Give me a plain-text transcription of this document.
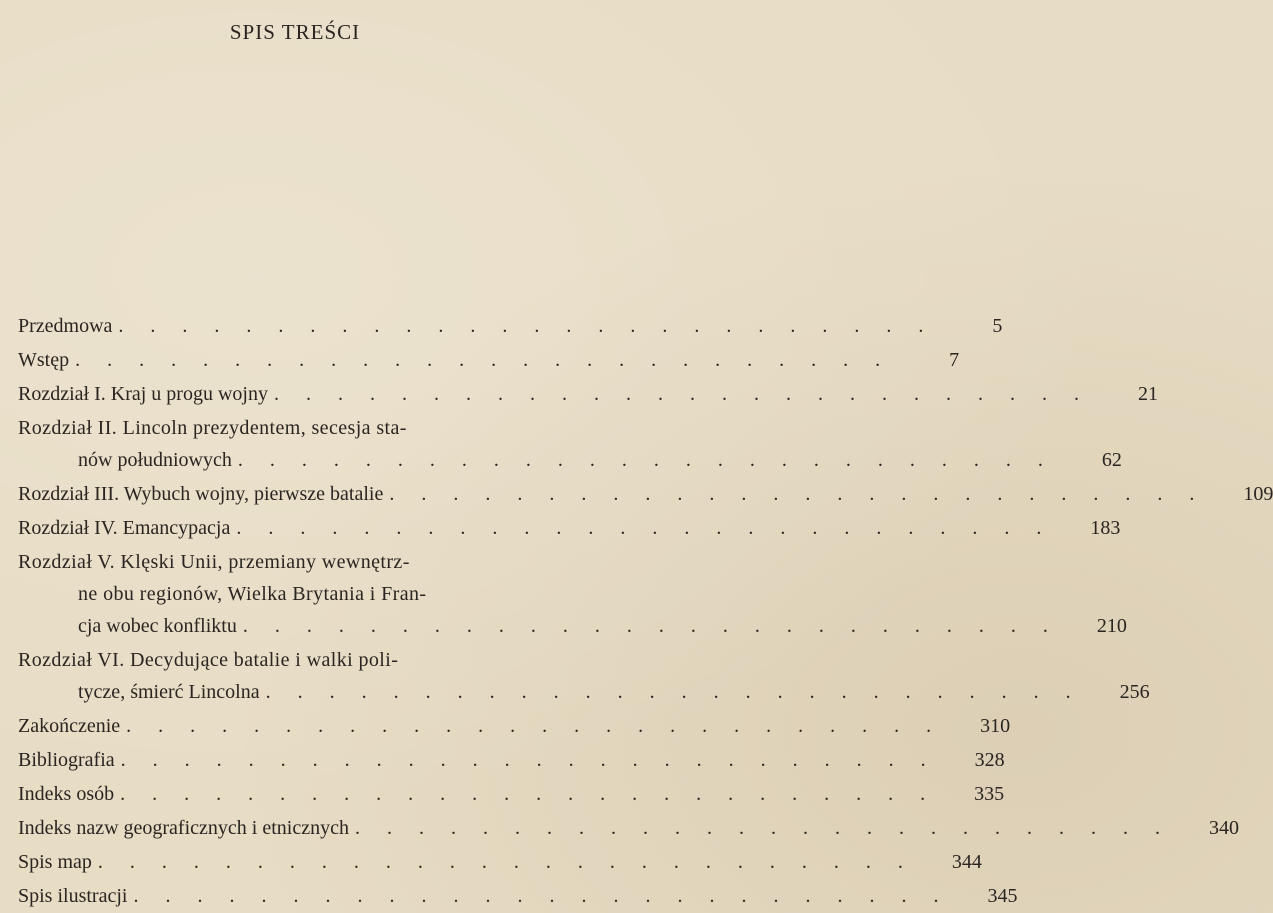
SPIS TREŚCI
Przedmowa . . . . . . . . . . . . . . . . . . . . . . . . . .	5
Wstęp . . . . . . . . . . . . . . . . . . . . . . . . . .	7
Rozdział I. Kraj u progu wojny . . . . . . . . . . . . . . . . . . . . . . . . . .	21
Rozdział II. Lincoln prezydentem, secesja sta-
nów południowych . . . . . . . . . . . . . . . . . . . . . . . . . .	62
Rozdział III. Wybuch wojny, pierwsze batalie . . . . . . . . . . . . . . . . . . . . . . . . . .	109
Rozdział IV. Emancypacja . . . . . . . . . . . . . . . . . . . . . . . . . .	183
Rozdział V. Klęski Unii, przemiany wewnętrz-
ne obu regionów, Wielka Brytania i Fran-
cja wobec konfliktu . . . . . . . . . . . . . . . . . . . . . . . . . .	210
Rozdział VI. Decydujące batalie i walki poli-
tycze, śmierć Lincolna . . . . . . . . . . . . . . . . . . . . . . . . . .	256
Zakończenie . . . . . . . . . . . . . . . . . . . . . . . . . .	310
Bibliografia . . . . . . . . . . . . . . . . . . . . . . . . . .	328
Indeks osób . . . . . . . . . . . . . . . . . . . . . . . . . .	335
Indeks nazw geograficznych i etnicznych . . . . . . . . . . . . . . . . . . . . . . . . . .	340
Spis map . . . . . . . . . . . . . . . . . . . . . . . . . .	344
Spis ilustracji . . . . . . . . . . . . . . . . . . . . . . . . . .	345
